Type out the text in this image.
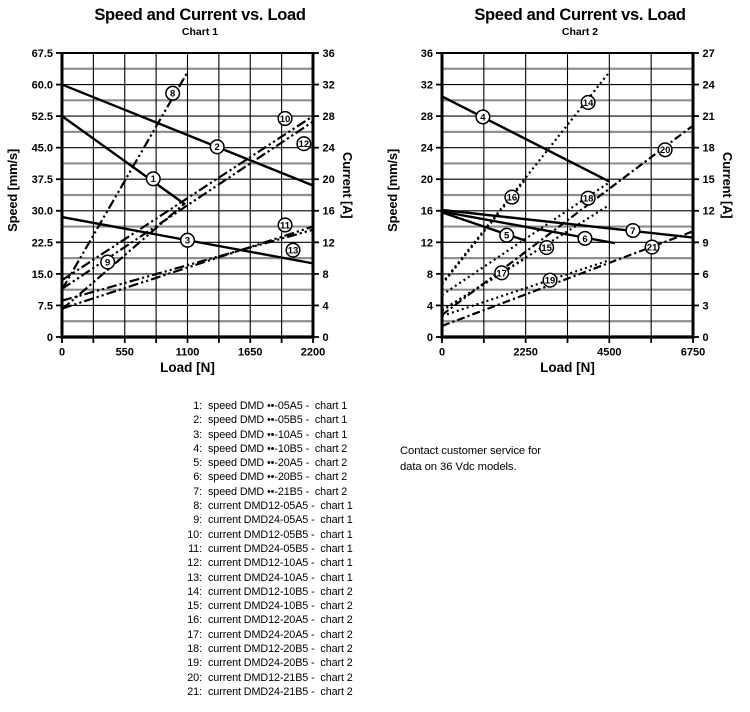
Speed and Current vs. Load
Chart 1
67.5	36
60.0	32
52.5	28
45.0	24
37.5	20
30.0	16
22.5	12
15.0	8
7.5	4
0	0
0	550	1100	1650	2200
1
2
3
8
9
10
11
12
13
Speed [mm/s]	Current [A]
Load [N]
Speed and Current vs. Load
Chart 2
36	27
32	24
28	21
24	18
20	15
16	12
12	9
8	6
4	3
0	0
0	2250	4500	6750
4
5	6
7
14
15
16
17
18
19
20
21
Speed [mm/s]	Current [A]
Load [N]
1: speed DMD ••-05A5 -  chart 1
2: speed DMD ••-05B5 -  chart 1
3: speed DMD ••-10A5 -  chart 1
4: speed DMD ••-10B5 -  chart 2
5: speed DMD ••-20A5 -  chart 2
6: speed DMD ••-20B5 -  chart 2
7: speed DMD ••-21B5 -  chart 2
8: current DMD12-05A5 -  chart 1
9: current DMD24-05A5 -  chart 1
10: current DMD12-05B5 -  chart 1
11: current DMD24-05B5 -  chart 1
12: current DMD12-10A5 -  chart 1
13: current DMD24-10A5 -  chart 1
14: current DMD12-10B5 -  chart 2
15: current DMD24-10B5 -  chart 2
16: current DMD12-20A5 -  chart 2
17: current DMD24-20A5 -  chart 2
18: current DMD12-20B5 -  chart 2
19: current DMD24-20B5 -  chart 2
20: current DMD12-21B5 -  chart 2
21: current DMD24-21B5 -  chart 2
Contact customer service for
data on 36 Vdc models.
